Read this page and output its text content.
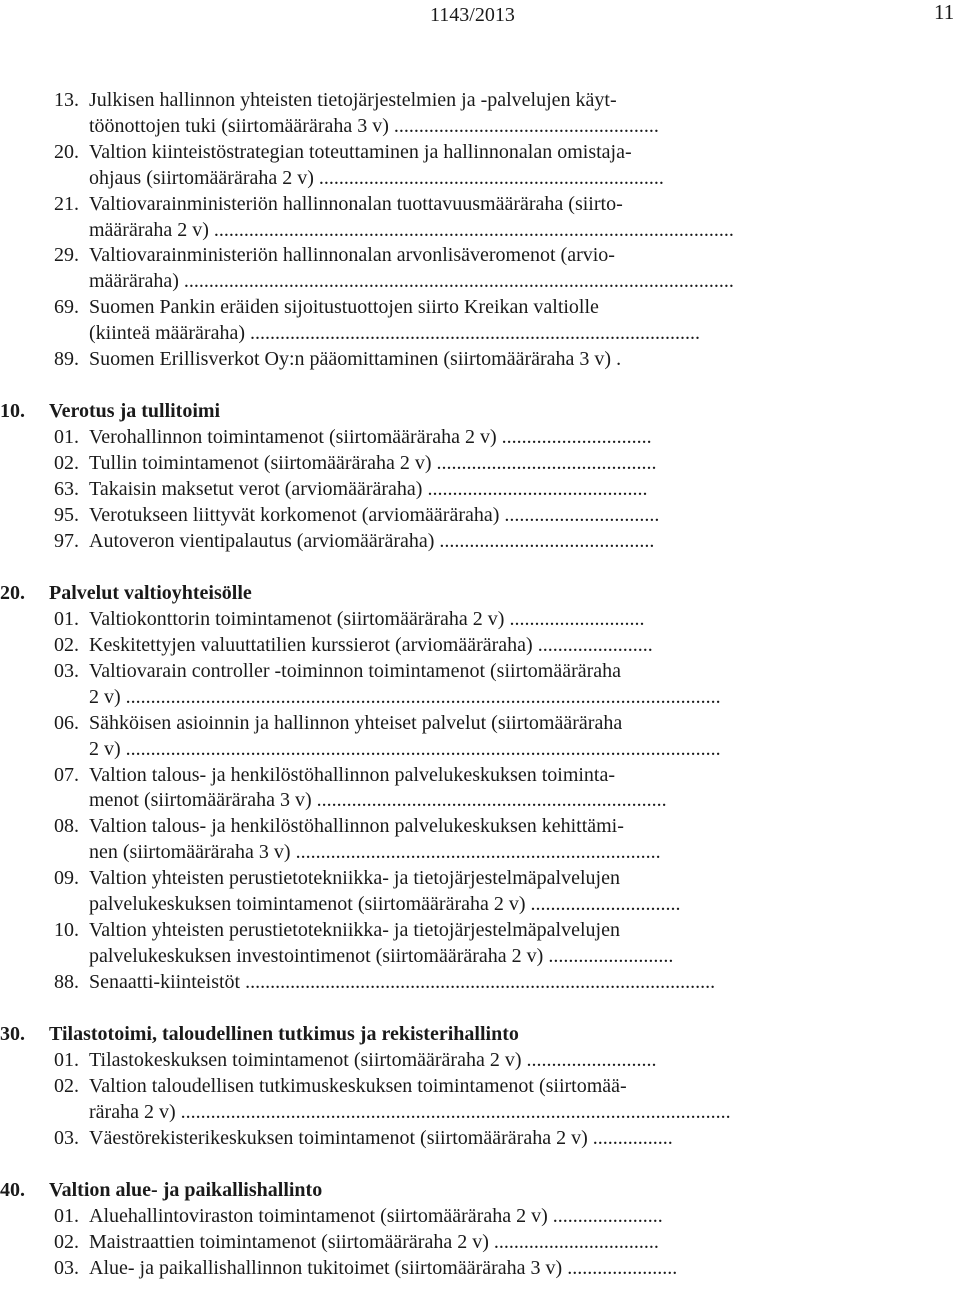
1143/2013	11
13. Julkisen hallinnon yhteisten tietojärjestelmien ja -palvelujen käyt-
töönottojen tuki (siirtomääräraha 3 v) .....................................................
20. Valtion kiinteistöstrategian toteuttaminen ja hallinnonalan omistaja-
ohjaus (siirtomääräraha 2 v) .....................................................................
21. Valtiovarainministeriön hallinnonalan tuottavuusmääräraha (siirto-
määräraha 2 v) ........................................................................................................
29. Valtiovarainministeriön hallinnonalan arvonlisäveromenot (arvio-
määräraha) ..............................................................................................................
69. Suomen Pankin eräiden sijoitustuottojen siirto Kreikan valtiolle
(kiinteä määräraha) ..........................................................................................
89. Suomen Erillisverkot Oy:n pääomittaminen (siirtomääräraha 3 v) .
10.	Verotus ja tullitoimi
01. Verohallinnon toimintamenot (siirtomääräraha 2 v) ..............................
02. Tullin toimintamenot (siirtomääräraha 2 v) ............................................
63. Takaisin maksetut verot (arviomääräraha) ............................................
95. Verotukseen liittyvät korkomenot (arviomääräraha) ...............................
97. Autoveron vientipalautus (arviomääräraha) ...........................................
20.	Palvelut valtioyhteisölle
01. Valtiokonttorin toimintamenot (siirtomääräraha 2 v) ...........................
02. Keskitettyjen valuuttatilien kurssierot (arviomääräraha) .......................
03. Valtiovarain controller -toiminnon toimintamenot (siirtomääräraha
2 v) .......................................................................................................................
06. Sähköisen asioinnin ja hallinnon yhteiset palvelut (siirtomääräraha
2 v) .......................................................................................................................
07. Valtion talous- ja henkilöstöhallinnon palvelukeskuksen toiminta-
menot (siirtomääräraha 3 v) ......................................................................
08. Valtion talous- ja henkilöstöhallinnon palvelukeskuksen kehittämi-
nen (siirtomääräraha 3 v) .........................................................................
09. Valtion yhteisten perustietotekniikka- ja tietojärjestelmäpalvelujen
palvelukeskuksen toimintamenot (siirtomääräraha 2 v) ..............................
10. Valtion yhteisten perustietotekniikka- ja tietojärjestelmäpalvelujen
palvelukeskuksen investointimenot (siirtomääräraha 2 v) .........................
88. Senaatti-kiinteistöt ..............................................................................................
30.	Tilastotoimi, taloudellinen tutkimus ja rekisterihallinto
01. Tilastokeskuksen toimintamenot (siirtomääräraha 2 v) ..........................
02. Valtion taloudellisen tutkimuskeskuksen toimintamenot (siirtomää-
räraha 2 v) ..............................................................................................................
03. Väestörekisterikeskuksen toimintamenot (siirtomääräraha 2 v) ................
40.	Valtion alue- ja paikallishallinto
01. Aluehallintoviraston toimintamenot (siirtomääräraha 2 v) ......................
02. Maistraattien toimintamenot (siirtomääräraha 2 v) .................................
03. Alue- ja paikallishallinnon tukitoimet (siirtomääräraha 3 v) ......................
